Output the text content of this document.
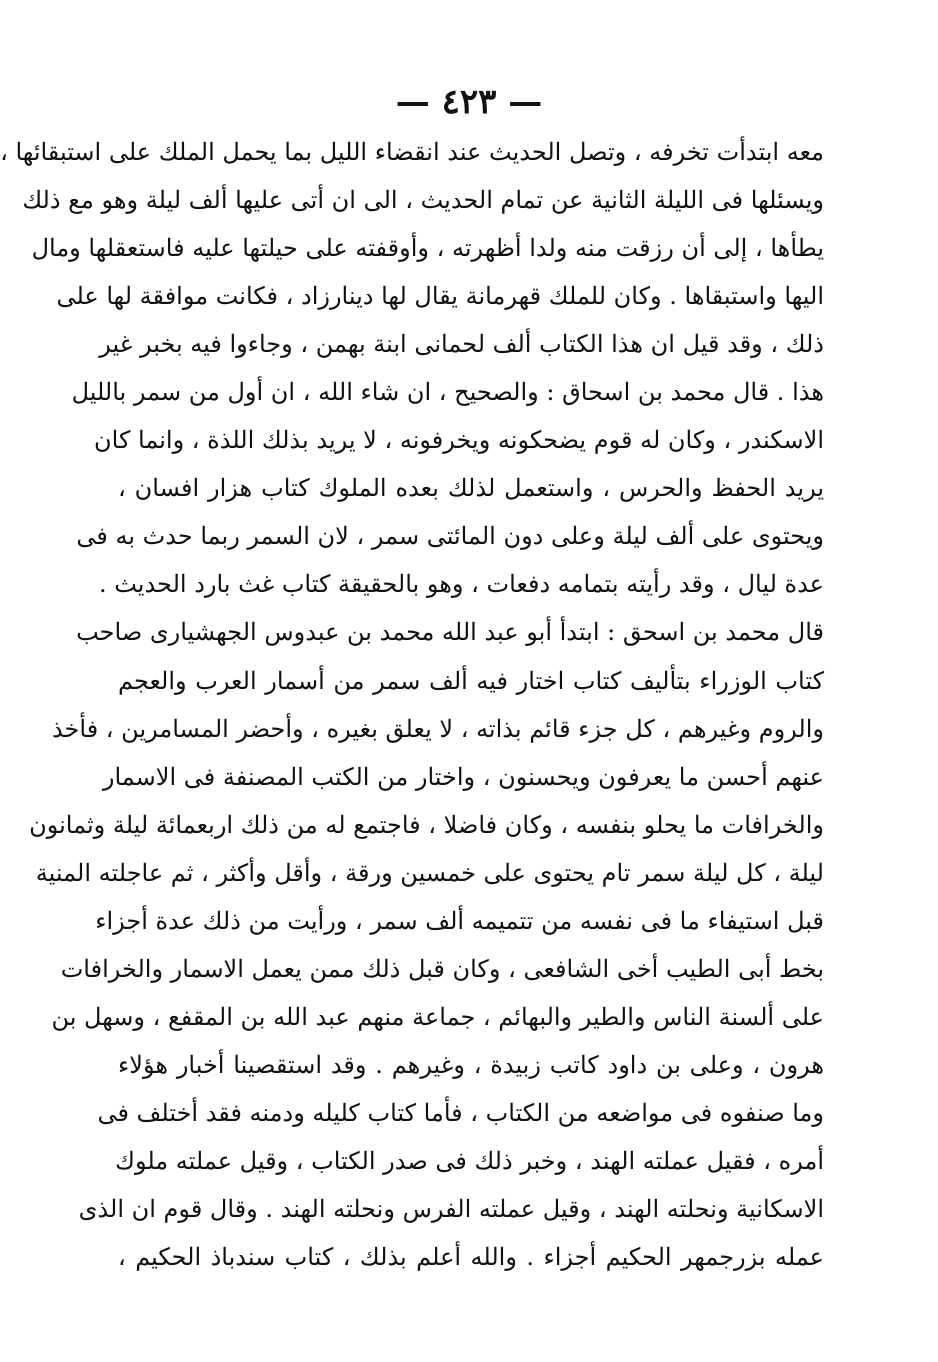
— ٤٢٣ —
معه ابتدأت تخرفه ، وتصل الحديث عند انقضاء الليل بما يحمل الملك على استبقائها ،
ويسئلها فى الليلة الثانية عن تمام الحديث ، الى ان أتى عليها ألف ليلة وهو مع ذلك
يطأها ، إلى أن رزقت منه ولدا أظهرته ، وأوقفته على حيلتها عليه فاستعقلها ومال
اليها واستبقاها . وكان للملك قهرمانة يقال لها دينارزاد ، فكانت موافقة لها على
ذلك ، وقد قيل ان هذا الكتاب ألف لحمانى ابنة بهمن ، وجاءوا فيه بخبر غير
هذا . قال محمد بن اسحاق : والصحيح ، ان شاء الله ، ان أول من سمر بالليل
الاسكندر ، وكان له قوم يضحكونه ويخرفونه ، لا يريد بذلك اللذة ، وانما كان
يريد الحفظ والحرس ، واستعمل لذلك بعده الملوك كتاب هزار افسان ،
ويحتوى على ألف ليلة وعلى دون المائتى سمر ، لان السمر ربما حدث به فى
عدة ليال ، وقد رأيته بتمامه دفعات ، وهو بالحقيقة كتاب غث بارد الحديث .
قال محمد بن اسحق : ابتدأ أبو عبد الله محمد بن عبدوس الجهشيارى صاحب
كتاب الوزراء بتأليف كتاب اختار فيه ألف سمر من أسمار العرب والعجم
والروم وغيرهم ، كل جزء قائم بذاته ، لا يعلق بغيره ، وأحضر المسامرين ، فأخذ
عنهم أحسن ما يعرفون ويحسنون ، واختار من الكتب المصنفة فى الاسمار
والخرافات ما يحلو بنفسه ، وكان فاضلا ، فاجتمع له من ذلك اربعمائة ليلة وثمانون
ليلة ، كل ليلة سمر تام يحتوى على خمسين ورقة ، وأقل وأكثر ، ثم عاجلته المنية
قبل استيفاء ما فى نفسه من تتميمه ألف سمر ، ورأيت من ذلك عدة أجزاء
بخط أبى الطيب أخى الشافعى ، وكان قبل ذلك ممن يعمل الاسمار والخرافات
على ألسنة الناس والطير والبهائم ، جماعة منهم عبد الله بن المقفع ، وسهل بن
هرون ، وعلى بن داود كاتب زبيدة ، وغيرهم . وقد استقصينا أخبار هؤلاء
وما صنفوه فى مواضعه من الكتاب ، فأما كتاب كليله ودمنه فقد أختلف فى
أمره ، فقيل عملته الهند ، وخبر ذلك فى صدر الكتاب ، وقيل عملته ملوك
الاسكانية ونحلته الهند ، وقيل عملته الفرس ونحلته الهند . وقال قوم ان الذى
عمله بزرجمهر الحكيم أجزاء . والله أعلم بذلك ، كتاب سندباذ الحكيم ،
